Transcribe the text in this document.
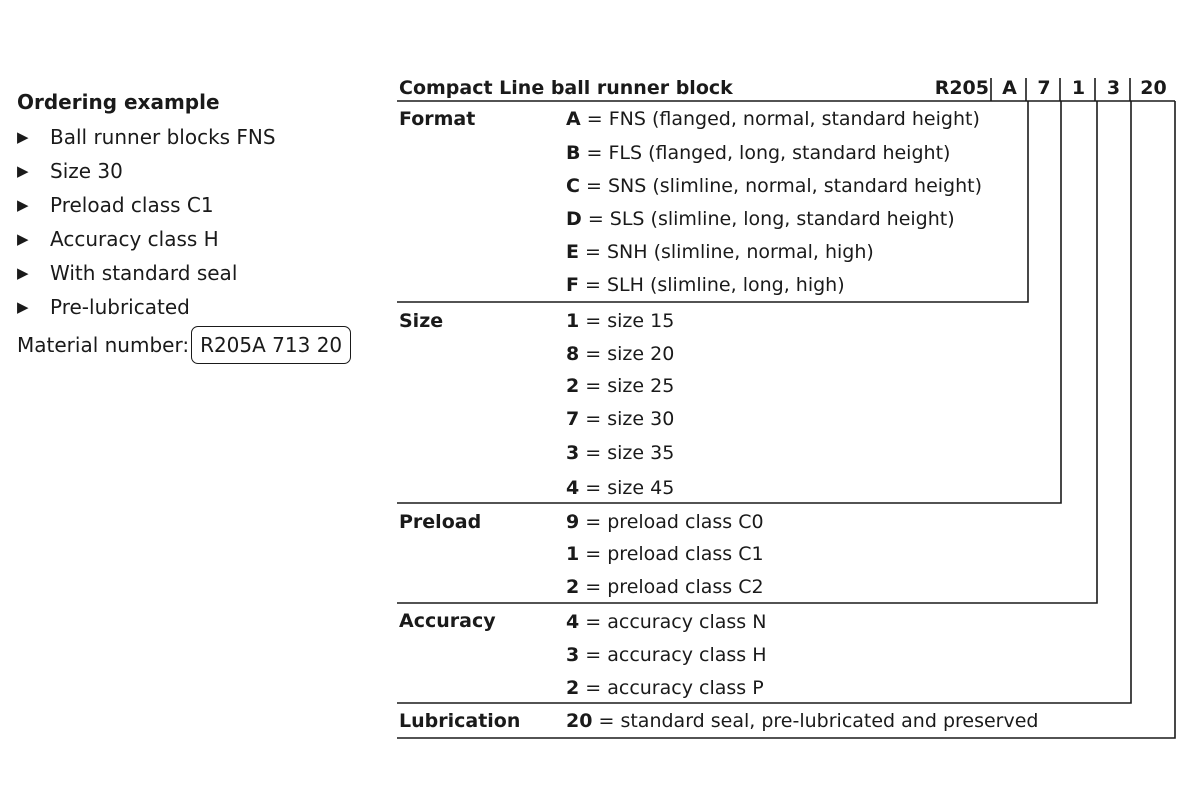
Ordering example
▶	Ball runner blocks FNS
▶	Size 30
▶	Preload class C1
▶	Accuracy class H
▶	With standard seal
▶	Pre-lubricated
Material number: R205A 713 20
Compact Line ball runner block	R205 A	7	1	3	20
Format	A = FNS (flanged, normal, standard height)
B = FLS (flanged, long, standard height)
C = SNS (slimline, normal, standard height)
D = SLS (slimline, long, standard height)
E = SNH (slimline, normal, high)
F = SLH (slimline, long, high)
Size	1 = size 15
8 = size 20
2 = size 25
7 = size 30
3 = size 35
4 = size 45
Preload	9 = preload class C0
1 = preload class C1
2 = preload class C2
Accuracy	4 = accuracy class N
3 = accuracy class H
2 = accuracy class P
Lubrication 20 = standard seal, pre-lubricated and preserved
